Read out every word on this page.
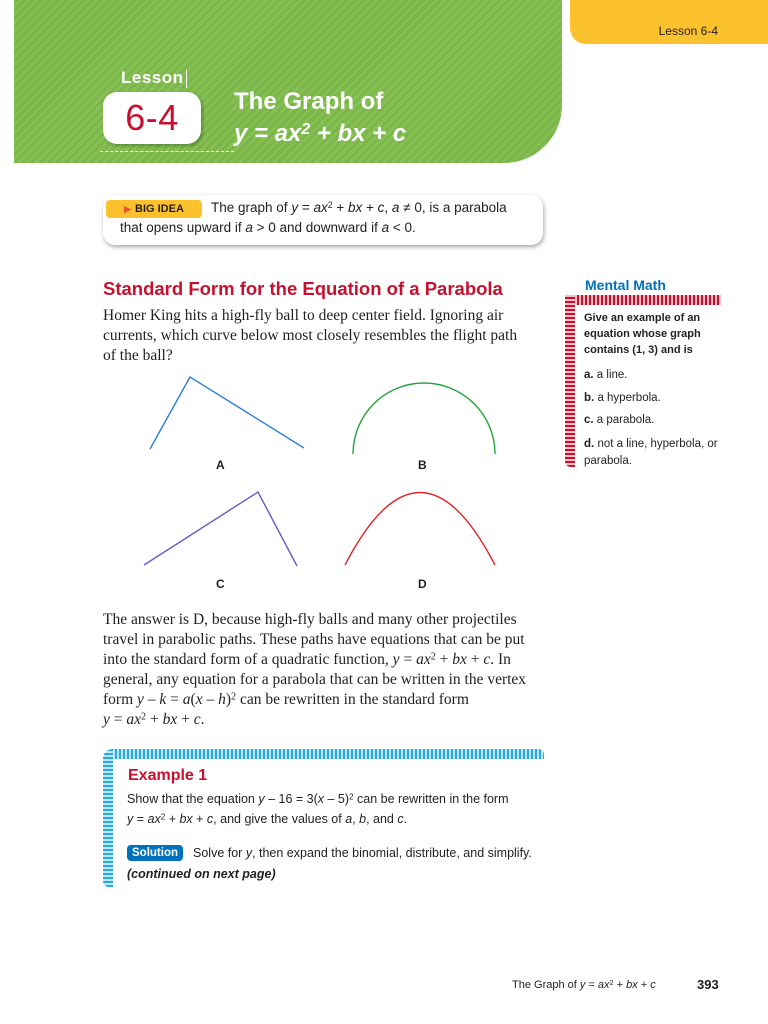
Lesson 6-4
Lesson
6-4 The Graph of
$y = ax^2$ + bx + c
▶ BIG IDEA The graph of $y = ax^2$ + bx + c, a ≠ 0, is a parabola
that opens upward if a > 0 and downward if a < 0.
Standard Form for the Equation of a Parabola
Homer King hits a high-fly ball to deep center field. Ignoring air
currents, which curve below most closely resembles the flight path
of the ball?
A	B
C	D
The answer is D, because high-fly balls and many other projectiles
travel in parabolic paths. These paths have equations that can be put
into the standard form of a quadratic function, $y = ax^2$ + bx + c. In
general, any equation for a parabola that can be written in the vertex
form y – k = a(x – h)$^2$ can be rewritten in the standard form
$y = ax^2$ + bx + c.
Mental Math
Give an example of an
equation whose graph
contains (1, 3) and is
a. a line.
b. a hyperbola.
c. a parabola.
d. not a line, hyperbola, or
parabola.
Example 1
Show that the equation y – 16 = 3(x – 5)$^2$ can be rewritten in the form
$y = ax^2$ + bx + c, and give the values of a, b, and c.
Solution	Solve for y, then expand the binomial, distribute, and simplify.
(continued on next page)
The Graph of $y = ax^2$ + bx + c	393
